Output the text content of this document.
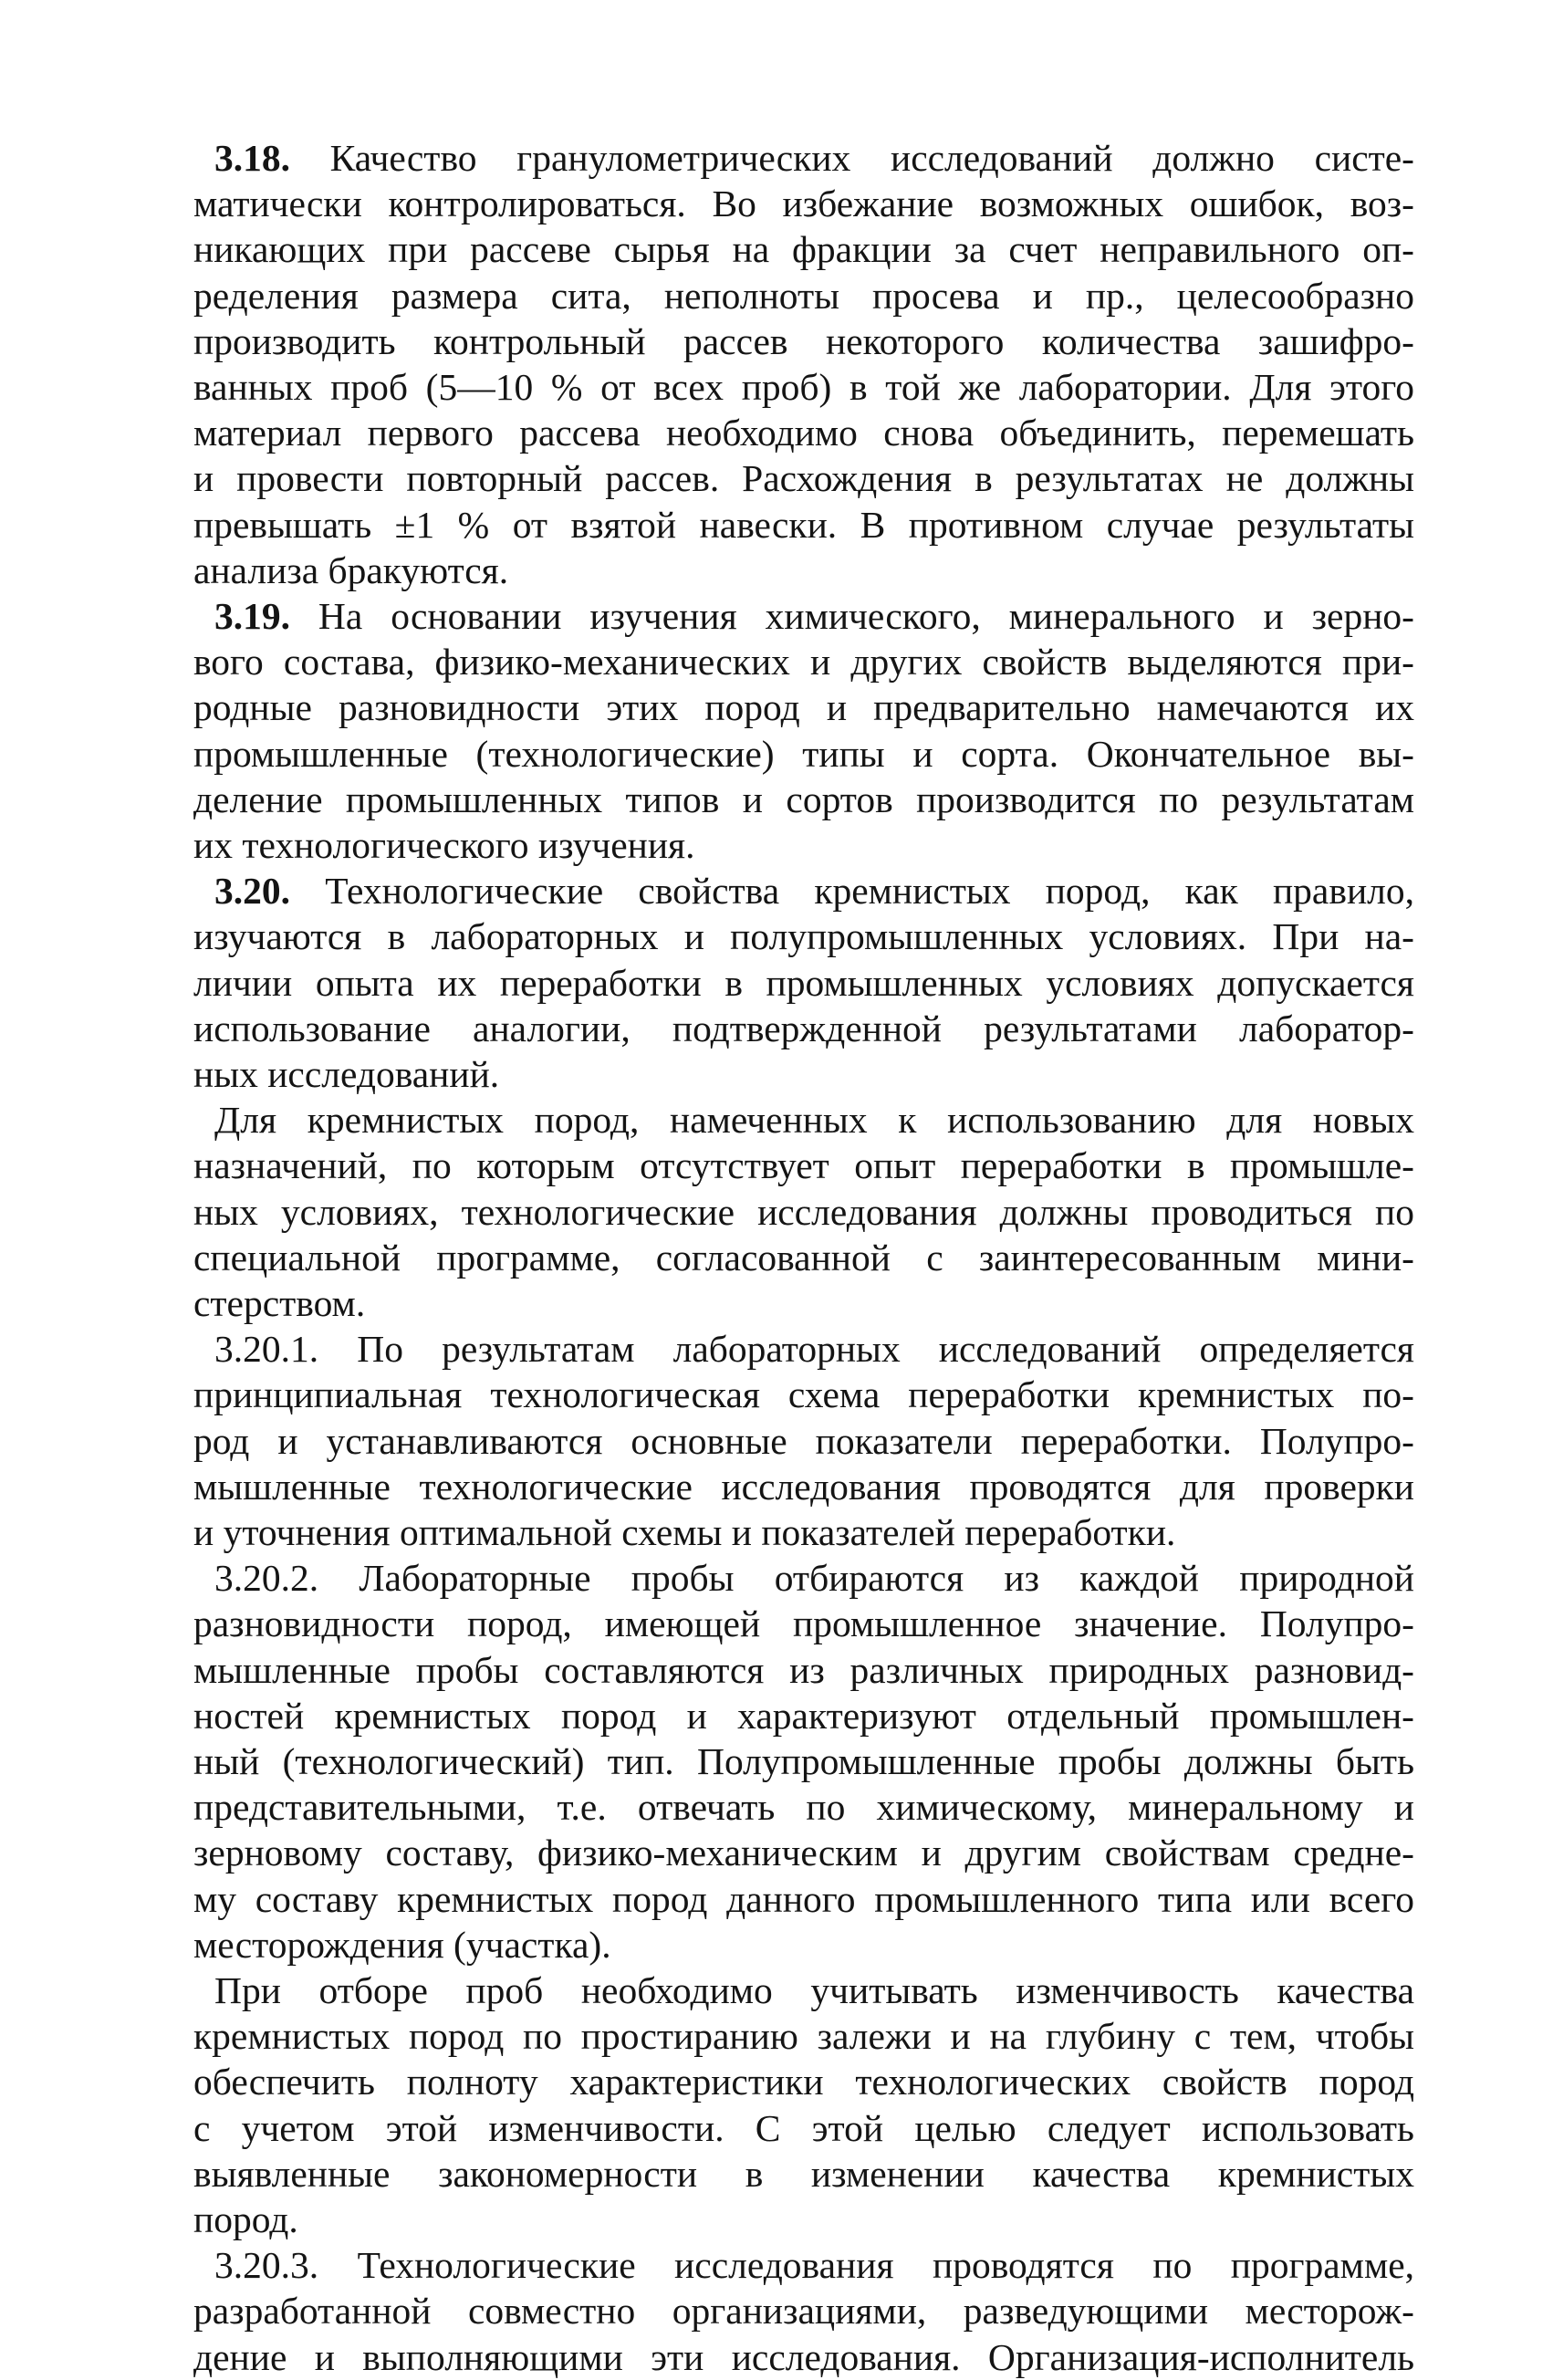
3.18. Качество гранулометрических исследований должно систе-
матически контролироваться. Во избежание возможных ошибок, воз-
никающих при рассеве сырья на фракции за счет неправильного оп-
ределения размера сита, неполноты просева и пр., целесообразно
производить контрольный рассев некоторого количества зашифро-
ванных проб (5—10 % от всех проб) в той же лаборатории. Для этого
материал первого рассева необходимо снова объединить, перемешать
и провести повторный рассев. Расхождения в результатах не должны
превышать ±1 % от взятой навески. В противном случае результаты
анализа бракуются.
3.19. На основании изучения химического, минерального и зерно-
вого состава, физико-механических и других свойств выделяются при-
родные разновидности этих пород и предварительно намечаются их
промышленные (технологические) типы и сорта. Окончательное вы-
деление промышленных типов и сортов производится по результатам
их технологического изучения.
3.20. Технологические свойства кремнистых пород, как правило,
изучаются в лабораторных и полупромышленных условиях. При на-
личии опыта их переработки в промышленных условиях допускается
использование аналогии, подтвержденной результатами лаборатор-
ных исследований.
Для кремнистых пород, намеченных к использованию для новых
назначений, по которым отсутствует опыт переработки в промышле-
ных условиях, технологические исследования должны проводиться по
специальной программе, согласованной с заинтересованным мини-
стерством.
3.20.1. По результатам лабораторных исследований определяется
принципиальная технологическая схема переработки кремнистых по-
род и устанавливаются основные показатели переработки. Полупро-
мышленные технологические исследования проводятся для проверки
и уточнения оптимальной схемы и показателей переработки.
3.20.2. Лабораторные пробы отбираются из каждой природной
разновидности пород, имеющей промышленное значение. Полупро-
мышленные пробы составляются из различных природных разновид-
ностей кремнистых пород и характеризуют отдельный промышлен-
ный (технологический) тип. Полупромышленные пробы должны быть
представительными, т.е. отвечать по химическому, минеральному и
зерновому составу, физико-механическим и другим свойствам средне-
му составу кремнистых пород данного промышленного типа или всего
месторождения (участка).
При отборе проб необходимо учитывать изменчивость качества
кремнистых пород по простиранию залежи и на глубину с тем, чтобы
обеспечить полноту характеристики технологических свойств пород
с учетом этой изменчивости. С этой целью следует использовать
выявленные закономерности в изменении качества кремнистых
пород.
3.20.3. Технологические исследования проводятся по программе,
разработанной совместно организациями, разведующими месторож-
дение и выполняющими эти исследования. Организация-исполнитель
